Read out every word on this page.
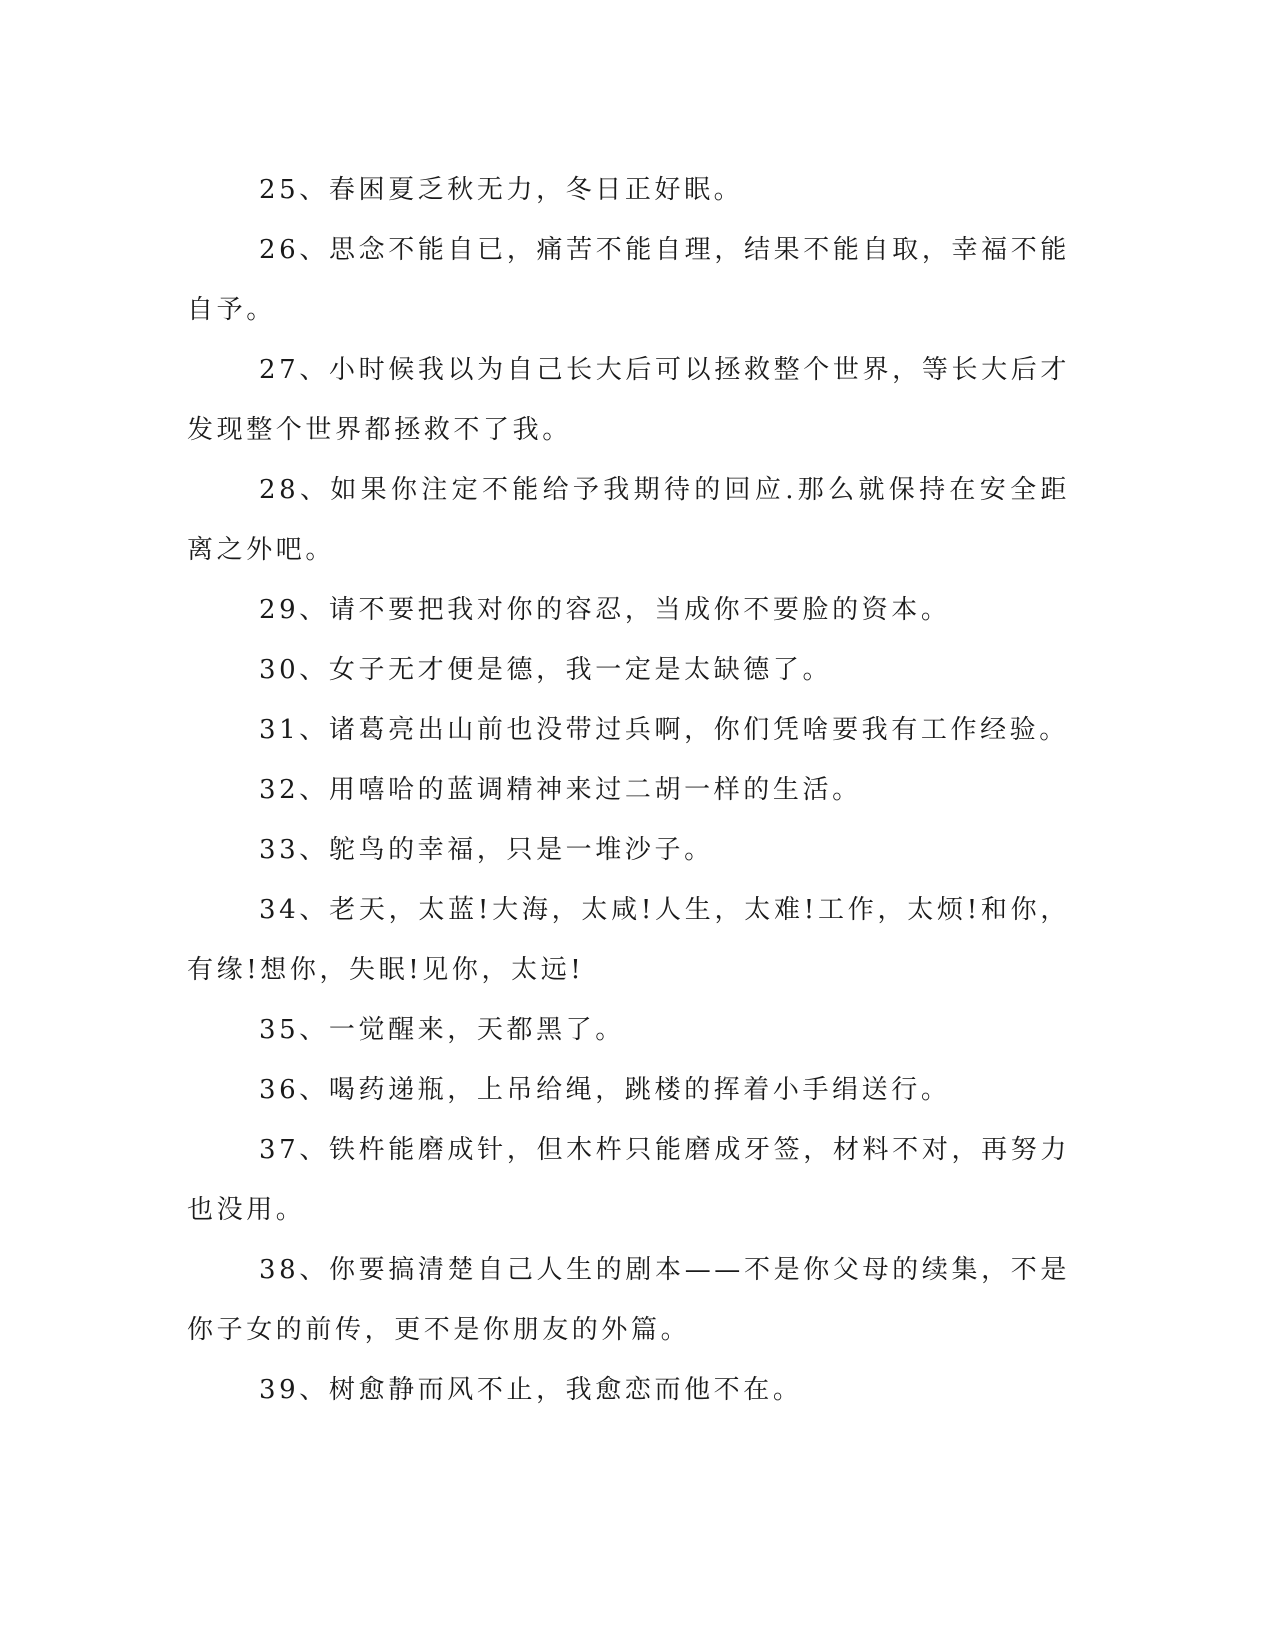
25、春困夏乏秋无力，冬日正好眠。

26、思念不能自已，痛苦不能自理，结果不能自取，幸福不能自予。

27、小时候我以为自己长大后可以拯救整个世界，等长大后才发现整个世界都拯救不了我。

28、如果你注定不能给予我期待的回应.那么就保持在安全距离之外吧。

29、请不要把我对你的容忍，当成你不要脸的资本。

30、女子无才便是德，我一定是太缺德了。

31、诸葛亮出山前也没带过兵啊，你们凭啥要我有工作经验。

32、用嘻哈的蓝调精神来过二胡一样的生活。

33、鸵鸟的幸福，只是一堆沙子。

34、老天，太蓝!大海，太咸!人生，太难!工作，太烦!和你，有缘!想你，失眠!见你，太远!

35、一觉醒来，天都黑了。

36、喝药递瓶，上吊给绳，跳楼的挥着小手绢送行。

37、铁杵能磨成针，但木杵只能磨成牙签，材料不对，再努力也没用。

38、你要搞清楚自己人生的剧本——不是你父母的续集，不是你子女的前传，更不是你朋友的外篇。

39、树愈静而风不止，我愈恋而他不在。
